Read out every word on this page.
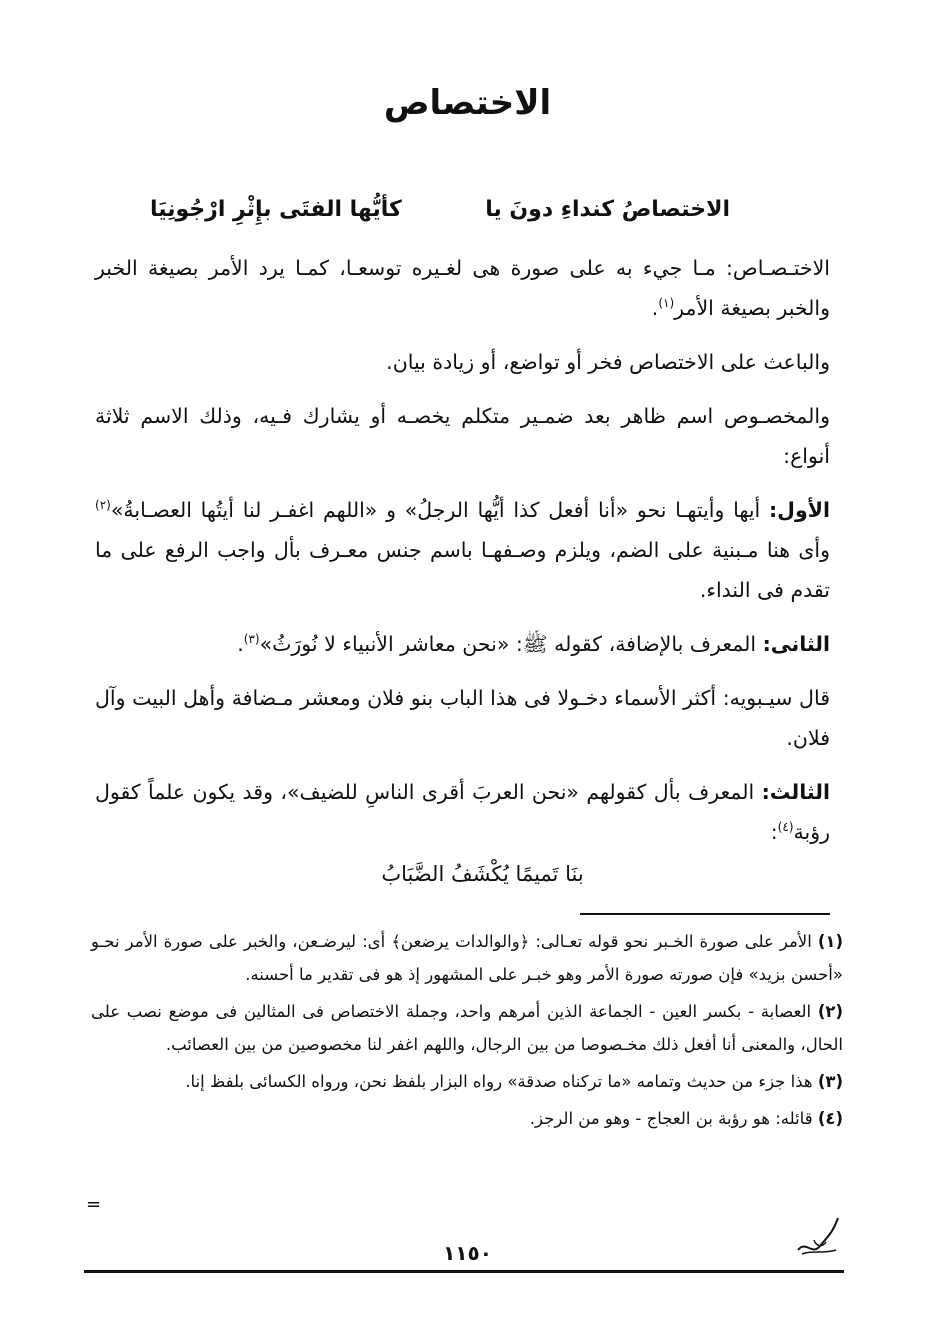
الاختصاص
الاختصاصُ كنداءِ دونَ يا
كأيُّها الفتَى بإِثْرِ ارْجُونِيَا

الاختـصـاص: مـا جيء به على صورة هى لغـيره توسعـا، كمـا يرد الأمر بصيغة الخبر والخبر بصيغة الأمر$^{(١)}$.

والباعث على الاختصاص فخر أو تواضع، أو زيادة بيان.

والمخصـوص اسم ظاهر بعد ضمـير متكلم يخصـه أو يشارك فـيه، وذلك الاسم ثلاثة أنواع:

الأول: أيها وأيتهـا نحو «أنا أفعل كذا أيُّها الرجلُ» و «اللهم اغفـر لنا أيتُها العصـابةُ»$^{(٢)}$ وأى هنا مـبنية على الضم، ويلزم وصـفهـا باسم جنس معـرف بأل واجب الرفع على ما تقدم فى النداء.

الثانى: المعرف بالإضافة، كقوله ﷺ: «نحن معاشر الأنبياء لا نُورَثُ»$^{(٣)}$.

قال سيـبويه: أكثر الأسماء دخـولا فى هذا الباب بنو فلان ومعشر مـضافة وأهل البيت وآل فلان.

الثالث: المعرف بأل كقولهم «نحن العربَ أقرى الناسِ للضيف»، وقد يكون علماً كقول رؤبة$^{(٤)}$:

بنَا تَميمًا يُكْشَفُ الضَّبَابُ

(١) الأمر على صورة الخـبر نحو قوله تعـالى: ﴿والوالدات يرضعن﴾ أى: ليرضـعن، والخبر على صورة الأمر نحـو «أحسن بزيد» فإن صورته صورة الأمر وهو خبـر على المشهور إذ هو فى تقدير ما أحسنه.

(٢) العصابة - بكسر العين - الجماعة الذين أمرهم واحد، وجملة الاختصاص فى المثالين فى موضع نصب على الحال، والمعنى أنا أفعل ذلك مخـصوصا من بين الرجال، واللهم اغفر لنا مخصوصين من بين العصائب.

(٣) هذا جزء من حديث وتمامه «ما تركناه صدقة» رواه البزار بلفظ نحن، ورواه الكسائى بلفظ إنا.

(٤) قائله: هو رؤبة بن العجاج - وهو من الرجز.

=
١١٥٠
